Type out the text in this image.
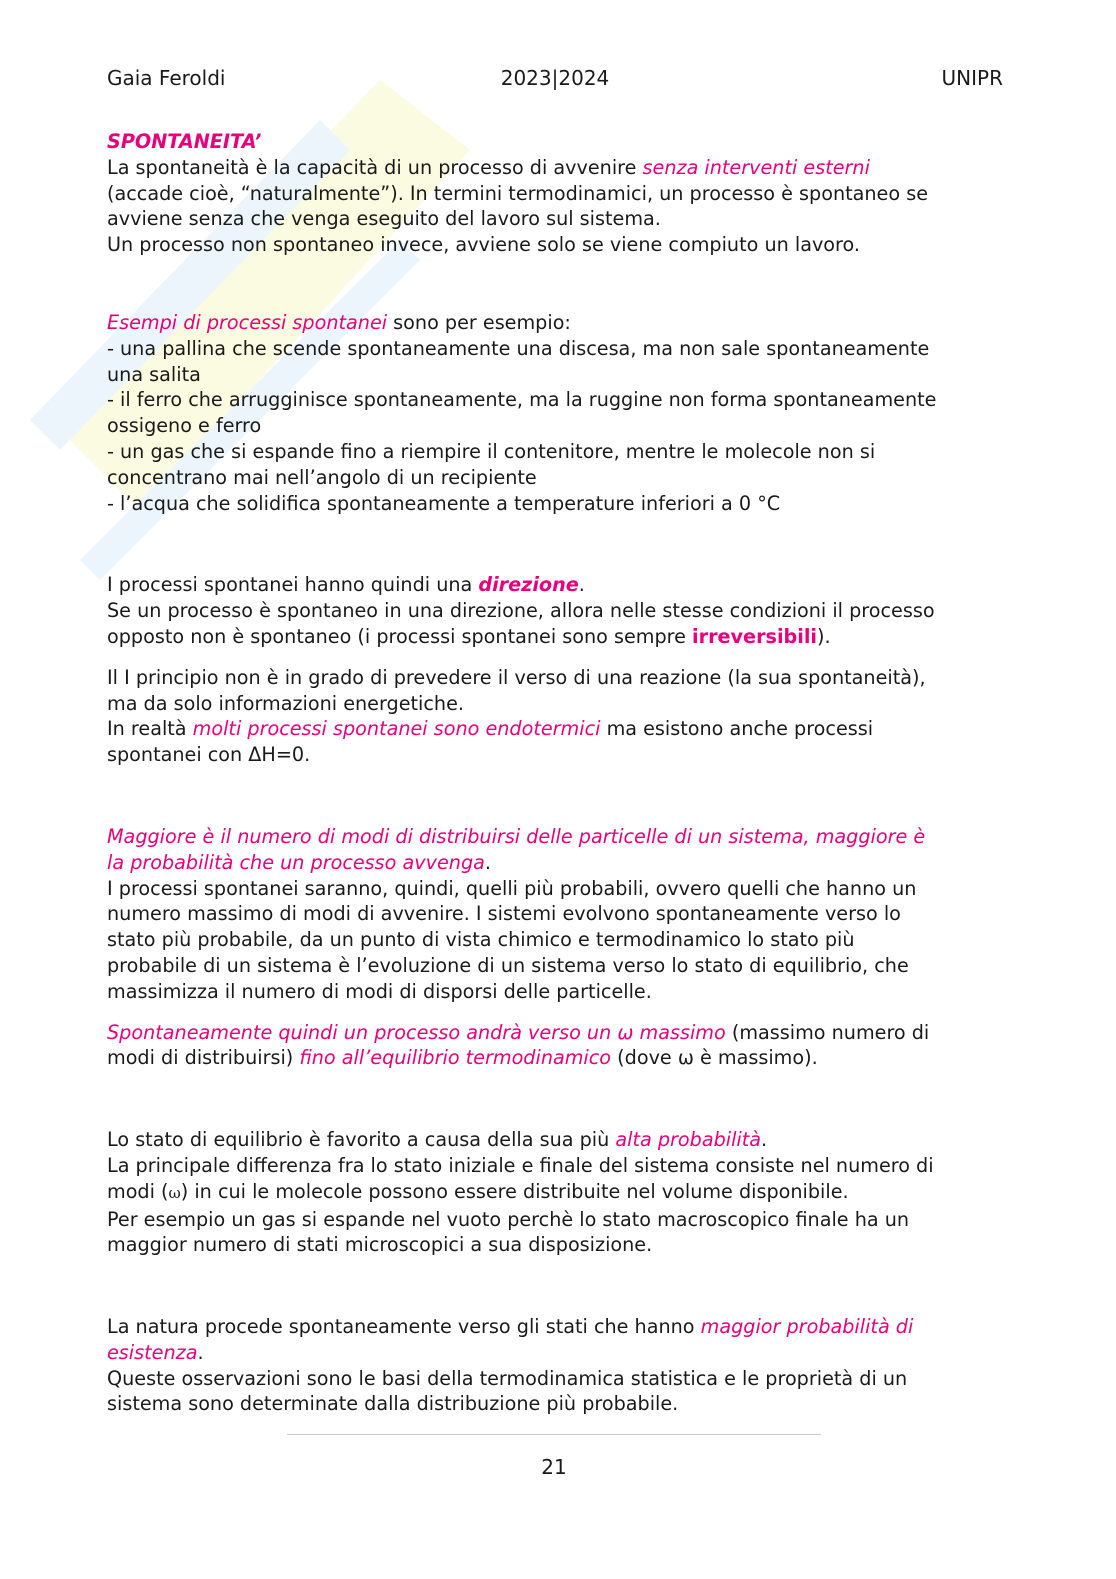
Gaia Feroldi	2023|2024	UNIPR

SPONTANEITA’

La spontaneità è la capacità di un processo di avvenire senza interventi esterni
(accade cioè, “naturalmente”). In termini termodinamici, un processo è spontaneo se
avviene senza che venga eseguito del lavoro sul sistema.
Un processo non spontaneo invece, avviene solo se viene compiuto un lavoro.

Esempi di processi spontanei sono per esempio:
- una pallina che scende spontaneamente una discesa, ma non sale spontaneamente
una salita
- il ferro che arrugginisce spontaneamente, ma la ruggine non forma spontaneamente
ossigeno e ferro
- un gas che si espande fino a riempire il contenitore, mentre le molecole non si
concentrano mai nell’angolo di un recipiente
- l’acqua che solidifica spontaneamente a temperature inferiori a 0 °C

I processi spontanei hanno quindi una direzione.
Se un processo è spontaneo in una direzione, allora nelle stesse condizioni il processo
opposto non è spontaneo (i processi spontanei sono sempre irreversibili).

Il I principio non è in grado di prevedere il verso di una reazione (la sua spontaneità),
ma da solo informazioni energetiche.
In realtà molti processi spontanei sono endotermici ma esistono anche processi
spontanei con ΔH=0.

Maggiore è il numero di modi di distribuirsi delle particelle di un sistema, maggiore è
la probabilità che un processo avvenga.
I processi spontanei saranno, quindi, quelli più probabili, ovvero quelli che hanno un
numero massimo di modi di avvenire. I sistemi evolvono spontaneamente verso lo
stato più probabile, da un punto di vista chimico e termodinamico lo stato più
probabile di un sistema è l’evoluzione di un sistema verso lo stato di equilibrio, che
massimizza il numero di modi di disporsi delle particelle.

Spontaneamente quindi un processo andrà verso un ω massimo (massimo numero di
modi di distribuirsi) fino all’equilibrio termodinamico (dove ω è massimo).

Lo stato di equilibrio è favorito a causa della sua più alta probabilità.
La principale differenza fra lo stato iniziale e finale del sistema consiste nel numero di
modi (ω) in cui le molecole possono essere distribuite nel volume disponibile.
Per esempio un gas si espande nel vuoto perchè lo stato macroscopico finale ha un
maggior numero di stati microscopici a sua disposizione.

La natura procede spontaneamente verso gli stati che hanno maggior probabilità di
esistenza.
Queste osservazioni sono le basi della termodinamica statistica e le proprietà di un
sistema sono determinate dalla distribuzione più probabile.

21
